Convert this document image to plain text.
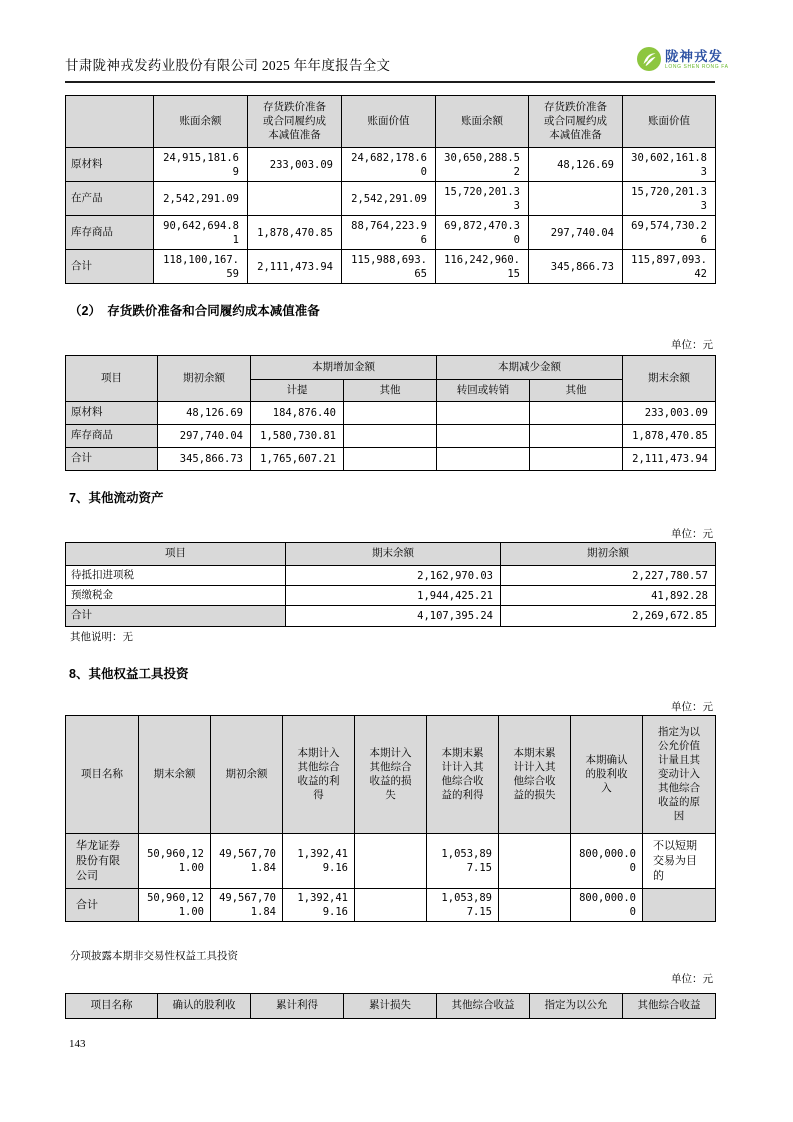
甘肃陇神戎发药业股份有限公司 2025 年年度报告全文
陇神戎发
LONG SHEN RONG FA
	账面余额	存货跌价准备或合同履约成本减值准备	账面价值	账面余额	存货跌价准备或合同履约成本减值准备	账面价值
原材料	24,915,181.69	233,003.09	24,682,178.60	30,650,288.52	48,126.69	30,602,161.83
在产品	2,542,291.09		2,542,291.09	15,720,201.33		15,720,201.33
库存商品	90,642,694.81	1,878,470.85	88,764,223.96	69,872,470.30	297,740.04	69,574,730.26
合计	118,100,167.59	2,111,473.94	115,988,693.65	116,242,960.15	345,866.73	115,897,093.42
（2）　存货跌价准备和合同履约成本减值准备
单位：元
项目	期初余额	本期增加金额		本期减少金额		期末余额
		计提	其他	转回或转销	其他	
原材料	48,126.69	184,876.40				233,003.09
库存商品	297,740.04	1,580,730.81				1,878,470.85
合计	345,866.73	1,765,607.21				2,111,473.94
7、其他流动资产
单位：元
项目	期末余额	期初余额
待抵扣进项税	2,162,970.03	2,227,780.57
预缴税金	1,944,425.21	41,892.28
合计	4,107,395.24	2,269,672.85
其他说明：无
8、其他权益工具投资
单位：元
项目名称	期末余额	期初余额	本期计入其他综合收益的利得	本期计入其他综合收益的损失	本期末累计计入其他综合收益的利得	本期末累计计入其他综合收益的损失	本期确认的股利收入	指定为以公允价值计量且其变动计入其他综合收益的原因
华龙证券股份有限公司	50,960,121.00	49,567,701.84	1,392,419.16		1,053,897.15		800,000.00	不以短期交易为目的
合计	50,960,121.00	49,567,701.84	1,392,419.16		1,053,897.15		800,000.00	
分项披露本期非交易性权益工具投资
单位：元
项目名称	确认的股利收	累计利得	累计损失	其他综合收益	指定为以公允	其他综合收益
143
